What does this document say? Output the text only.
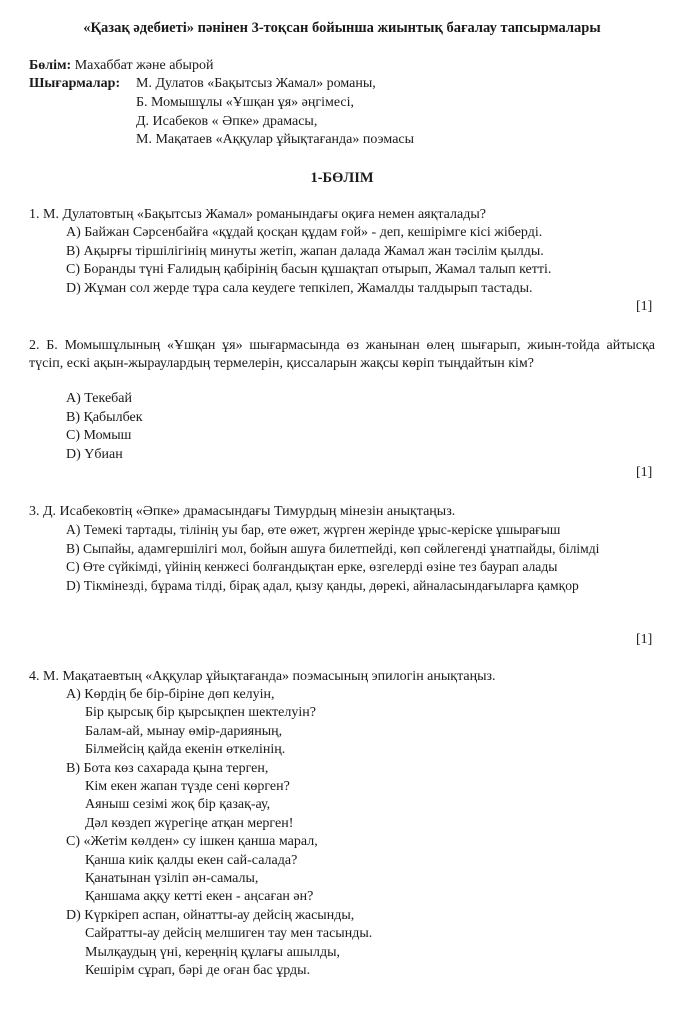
«Қазақ әдебиеті» пәнінен 3-тоқсан бойынша жиынтық бағалау тапсырмалары
Бөлім: Махаббат және абырой
Шығармалар: М. Дулатов «Бақытсыз Жамал» романы,
Б. Момышұлы «Ұшқан ұя» әңгімесі,
Д. Исабеков « Әпке» драмасы,
М. Мақатаев «Аққулар ұйықтағанда» поэмасы
1-БӨЛІМ
1. М. Дулатовтың «Бақытсыз Жамал» романындағы оқиға немен аяқталады?
A) Байжан Сәрсенбайға «құдай қосқан құдам ғой» - деп, кешірімге кісі жіберді.
B) Ақырғы тіршілігінің минуты жетіп, жапан далада Жамал жан тәсілім қылды.
C) Боранды түні Ғалидың қабірінің басын құшақтап отырып, Жамал талып кетті.
D) Жұман сол жерде тұра сала кеудеге тепкілеп, Жамалды талдырып тастады.
[1]
2. Б. Момышұлының «Ұшқан ұя» шығармасында өз жанынан өлең шығарып, жиын-тойда айтысқа түсіп, ескі ақын-жыраулардың термелерін, қиссаларын жақсы көріп тыңдайтын кім?
A) Текебай
B) Қабылбек
C) Момыш
D) Үбиан
[1]
3. Д. Исабековтің «Әпке» драмасындағы Тимурдың мінезін анықтаңыз.
A) Темекі тартады, тілінің уы бар, өте өжет, жүрген жерінде ұрыс-керіске ұшырағыш
B) Сыпайы, адамгершілігі мол, бойын ашуға билетпейді, көп сөйлегенді ұнатпайды, білімді
C) Өте сүйкімді, үйінің кенжесі болғандықтан ерке, өзгелерді өзіне тез баурап алады
D) Тікмінезді, бұрама тілді, бірақ адал, қызу қанды, дөрекі, айналасындағыларға қамқор
[1]
4. М. Мақатаевтың «Аққулар ұйықтағанда» поэмасының эпилогін анықтаңыз.
A) Көрдің бе бір-біріне дөп келуін,
Бір қырсық бір қырсықпен шектелуін?
Балам-ай, мынау өмір-дарияның,
Білмейсің қайда екенін өткелінің.
B) Бота көз сахарада қына терген,
Кім екен жапан түзде сені көрген?
Аяныш сезімі жоқ бір қазақ-ау,
Дәл көздеп жүрегіңе атқан мерген!
C) «Жетім көлден» су ішкен қанша марал,
Қанша киік қалды екен сай-салада?
Қанатынан үзіліп ән-самалы,
Қаншама аққу кетті екен - аңсаған ән?
D) Күркіреп аспан, ойнатты-ау дейсің жасынды,
Сайратты-ау дейсің мелшиген тау мен тасынды.
Мылқаудың үні, кереңнің құлағы ашылды,
Кешірім сұрап, бәрі де оған бас ұрды.
